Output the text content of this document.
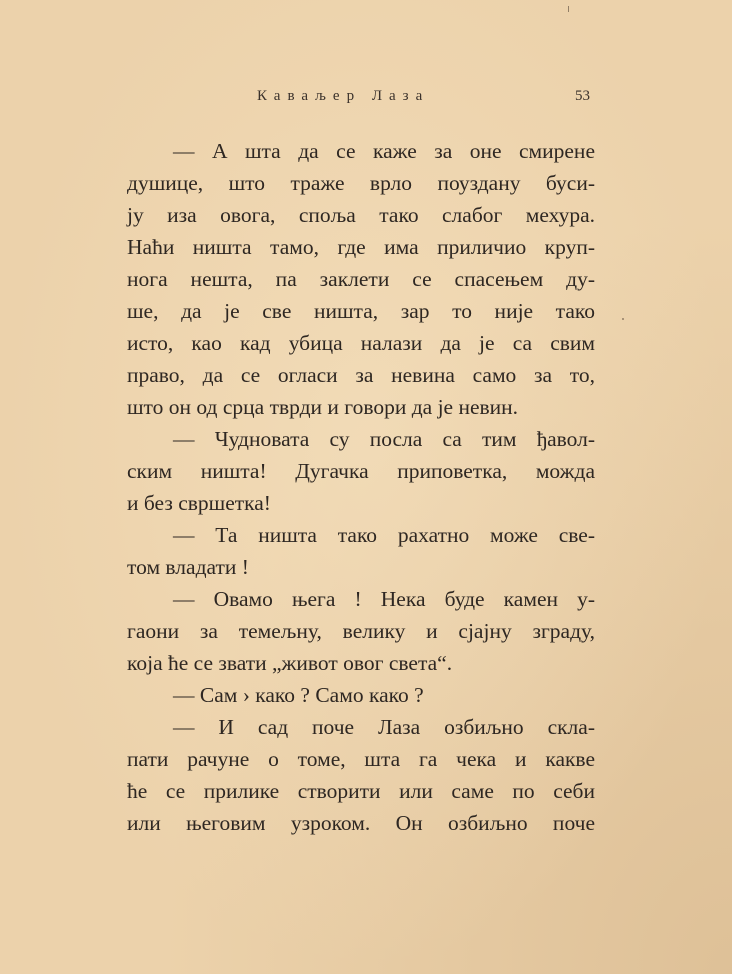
Каваљер Лаза	53
— А шта да се каже за оне смирене
душице, што траже врло поуздану буси-
ју иза овога, споља тако слабог мехура.
Наћи ништа тамо, где има приличио круп-
нога нешта, па заклети се спасењем ду-
ше, да је све ништа, зар то није тако
исто, као кад убица налази да је са свим
право, да се огласи за невина само за то,
што он од срца тврди и говори да је невин.
— Чудновата су посла са тим ђавол-
ским ништа! Дугачка приповетка, можда
и без свршетка!
— Та ништа тако рахатно може све-
том владати !
— Овамо њега ! Нека буде камен у-
гаони за темељну, велику и сјајну зграду,
која ће се звати „живот овог света“.
— Сам › како ? Само како ?
— И сад поче Лаза озбиљно скла-
пати рачуне о томе, шта га чека и какве
ће се прилике створити или саме по себи
или његовим узроком. Он озбиљно поче
